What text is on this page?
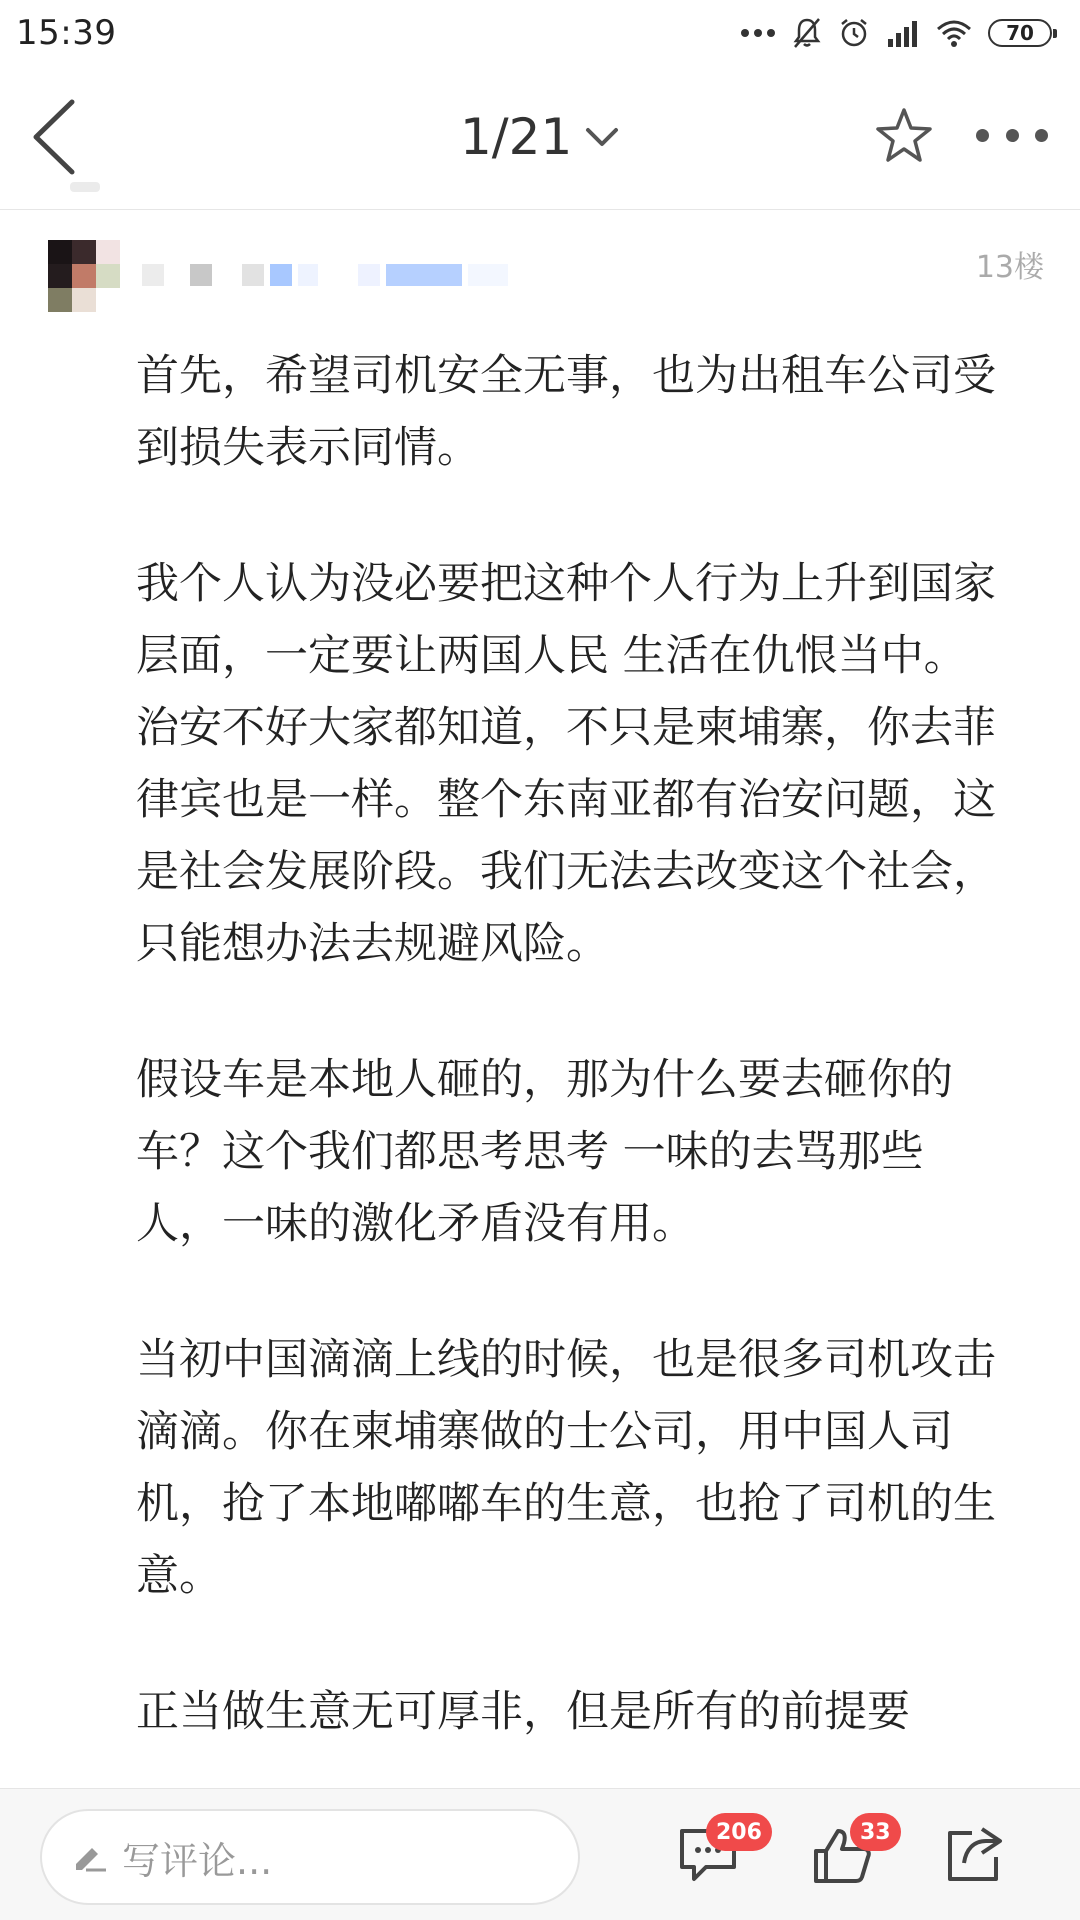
15:39	70
1/21
13楼

首先，希望司机安全无事，也为出租车公司受到损失表示同情。

我个人认为没必要把这种个人行为上升到国家层面，一定要让两国人民 生活在仇恨当中。治安不好大家都知道，不只是柬埔寨，你去菲律宾也是一样。整个东南亚都有治安问题，这是社会发展阶段。我们无法去改变这个社会，只能想办法去规避风险。

假设车是本地人砸的，那为什么要去砸你的车？这个我们都思考思考 一味的去骂那些人，一味的激化矛盾没有用。

当初中国滴滴上线的时候，也是很多司机攻击滴滴。你在柬埔寨做的士公司，用中国人司机，抢了本地嘟嘟车的生意，也抢了司机的生意。

正当做生意无可厚非，但是所有的前提要

写评论...
206	33
